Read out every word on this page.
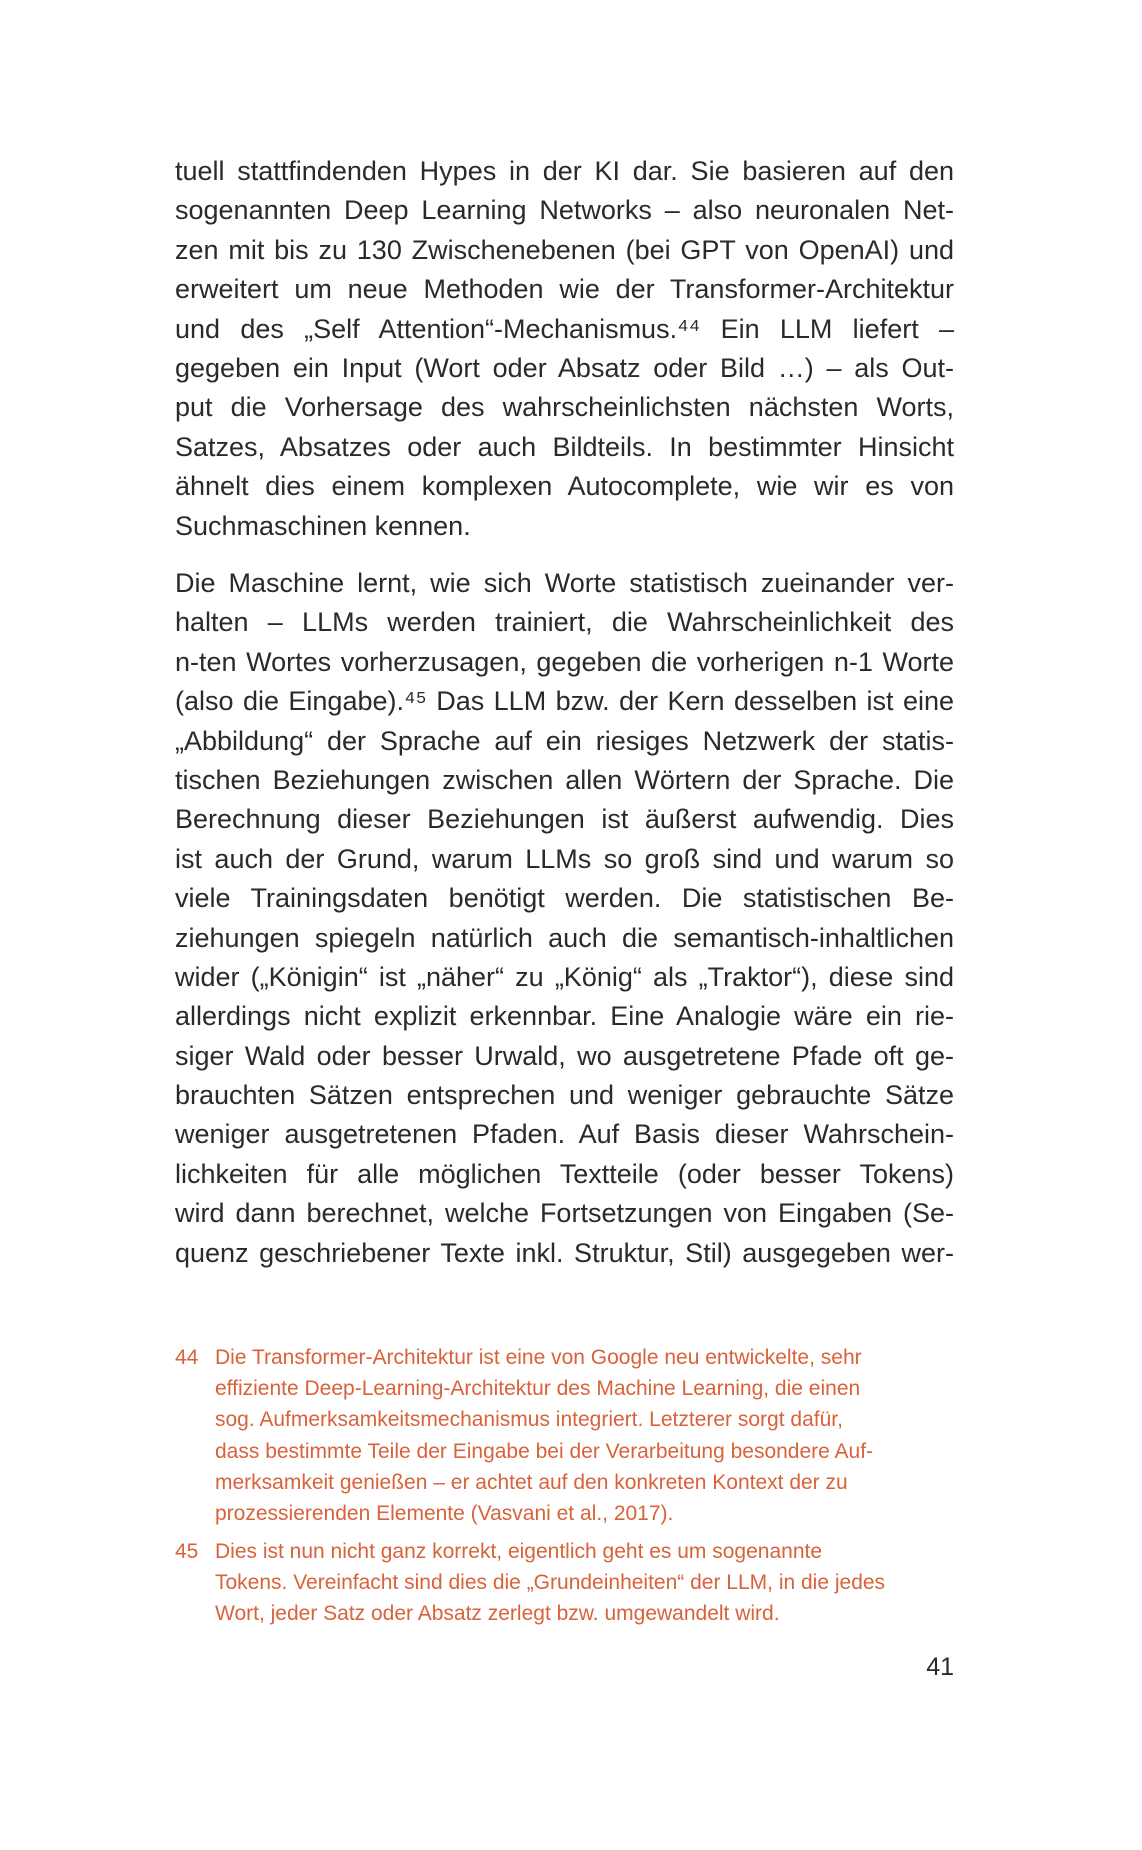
tuell stattfindenden Hypes in der KI dar. Sie basieren auf den
sogenannten Deep Learning Networks – also neuronalen Net-
zen mit bis zu 130 Zwischenebenen (bei GPT von OpenAI) und
erweitert um neue Methoden wie der Transformer-Architektur
und des „Self Attention“-Mechanismus.⁴⁴ Ein LLM liefert –
gegeben ein Input (Wort oder Absatz oder Bild …) – als Out-
put die Vorhersage des wahrscheinlichsten nächsten Worts,
Satzes, Absatzes oder auch Bildteils. In bestimmter Hinsicht
ähnelt dies einem komplexen Autocomplete, wie wir es von
Suchmaschinen kennen.

Die Maschine lernt, wie sich Worte statistisch zueinander ver-
halten – LLMs werden trainiert, die Wahrscheinlichkeit des
n-ten Wortes vorherzusagen, gegeben die vorherigen n-1 Worte
(also die Eingabe).⁴⁵ Das LLM bzw. der Kern desselben ist eine
„Abbildung“ der Sprache auf ein riesiges Netzwerk der statis-
tischen Beziehungen zwischen allen Wörtern der Sprache. Die
Berechnung dieser Beziehungen ist äußerst aufwendig. Dies
ist auch der Grund, warum LLMs so groß sind und warum so
viele Trainingsdaten benötigt werden. Die statistischen Be-
ziehungen spiegeln natürlich auch die semantisch-inhaltlichen
wider („Königin“ ist „näher“ zu „König“ als „Traktor“), diese sind
allerdings nicht explizit erkennbar. Eine Analogie wäre ein rie-
siger Wald oder besser Urwald, wo ausgetretene Pfade oft ge-
brauchten Sätzen entsprechen und weniger gebrauchte Sätze
weniger ausgetretenen Pfaden. Auf Basis dieser Wahrschein-
lichkeiten für alle möglichen Textteile (oder besser Tokens)
wird dann berechnet, welche Fortsetzungen von Eingaben (Se-
quenz geschriebener Texte inkl. Struktur, Stil) ausgegeben wer-

44 Die Transformer-Architektur ist eine von Google neu entwickelte, sehr
effiziente Deep-Learning-Architektur des Machine Learning, die einen
sog. Aufmerksamkeitsmechanismus integriert. Letzterer sorgt dafür,
dass bestimmte Teile der Eingabe bei der Verarbeitung besondere Auf-
merksamkeit genießen – er achtet auf den konkreten Kontext der zu
prozessierenden Elemente (Vasvani et al., 2017).
45 Dies ist nun nicht ganz korrekt, eigentlich geht es um sogenannte
Tokens. Vereinfacht sind dies die „Grundeinheiten“ der LLM, in die jedes
Wort, jeder Satz oder Absatz zerlegt bzw. umgewandelt wird.
41
